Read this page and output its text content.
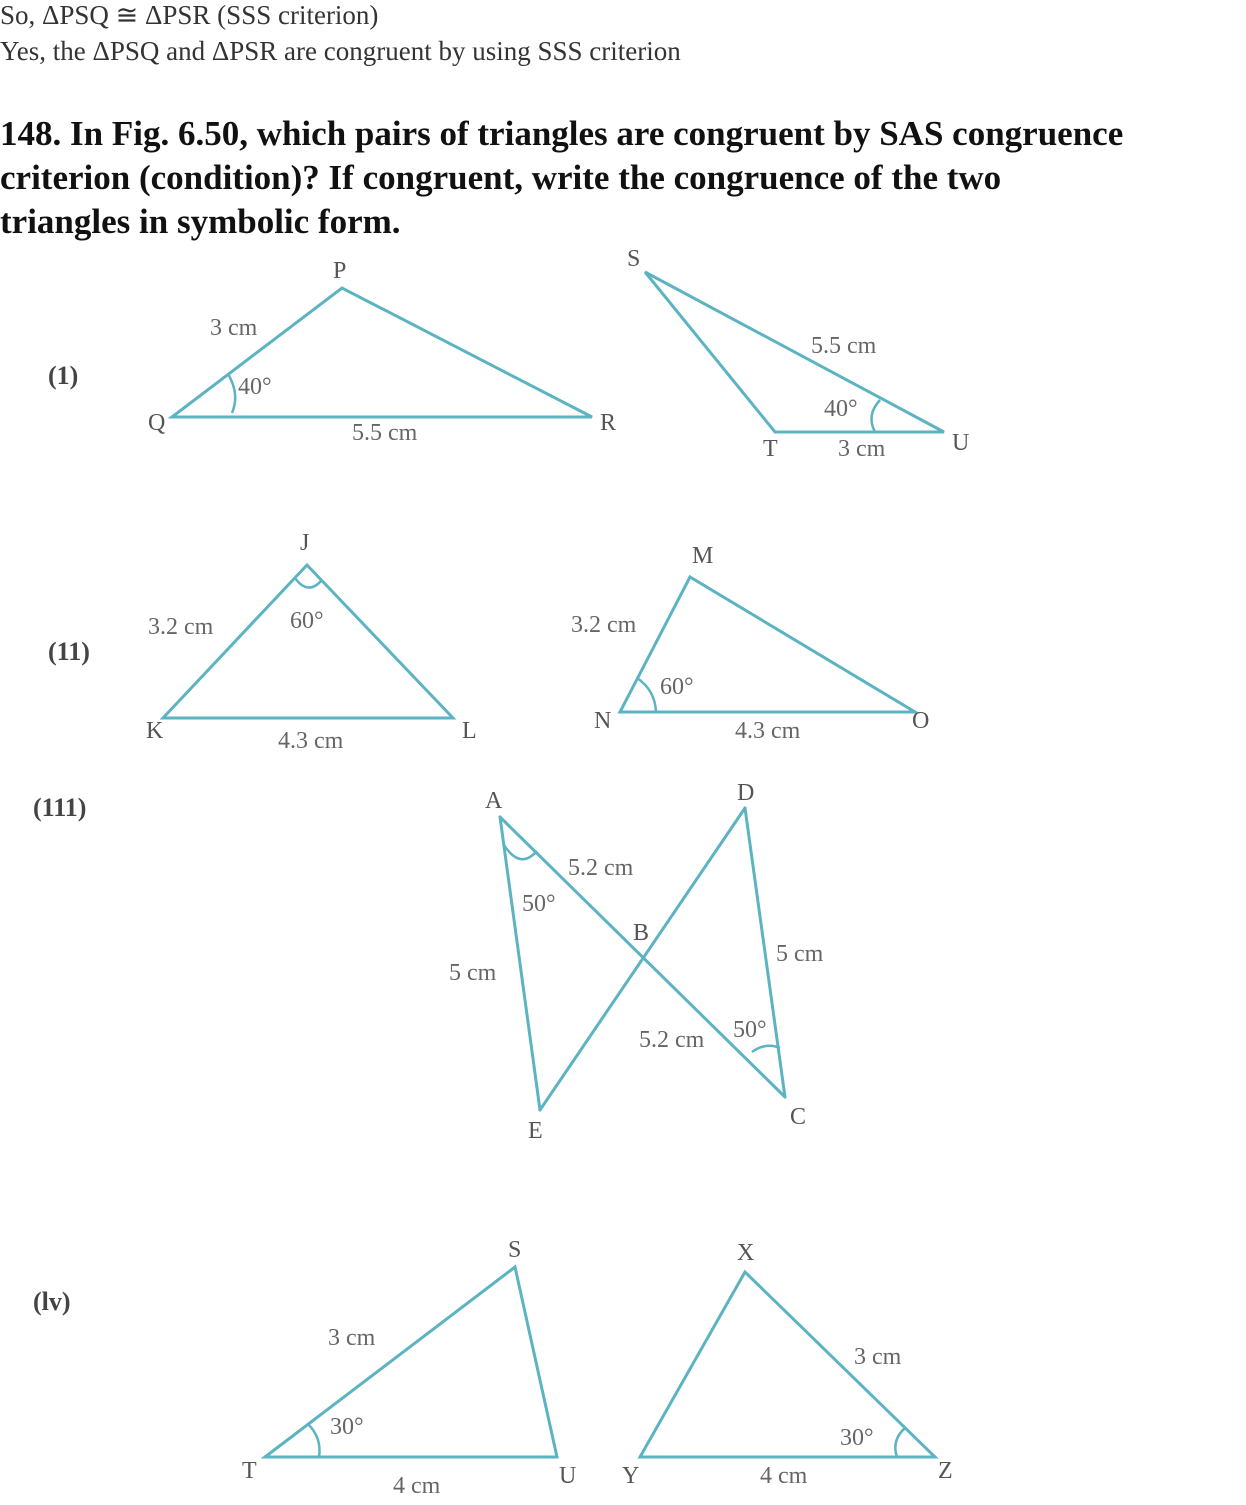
So, ΔPSQ ≅ ΔPSR (SSS criterion)
Yes, the ΔPSQ and ΔPSR are congruent by using SSS criterion
148. In Fig. 6.50, which pairs of triangles are congruent by SAS congruence
criterion (condition)? If congruent, write the congruence of the two
triangles in symbolic form.
(1)
P
Q	R
3 cm
40°
5.5 cm
S
T	U
5.5 cm
40°
3 cm
(11)
J
K	L
3.2 cm	60°
4.3 cm
M
N	O
3.2 cm
60°
4.3 cm
(111)	A
B
C
D
E
5.2 cm
50°
5 cm
5 cm
5.2 cm 50°
(lv)
S
T	U
3 cm
30°
4 cm
X
Y	Z
3 cm
30°
4 cm
